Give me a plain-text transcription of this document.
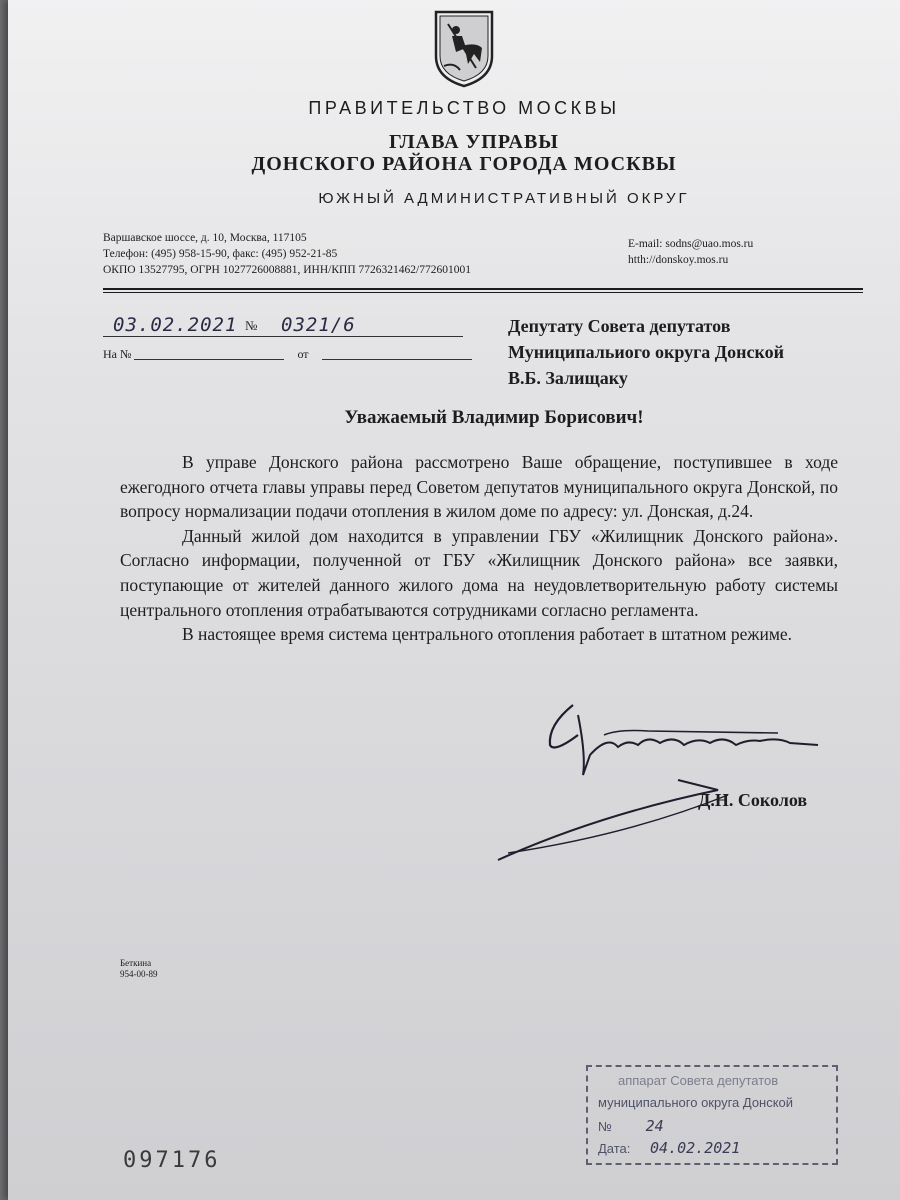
ПРАВИТЕЛЬСТВО МОСКВЫ
ГЛАВА УПРАВЫ
ДОНСКОГО РАЙОНА ГОРОДА МОСКВЫ
ЮЖНЫЙ АДМИНИСТРАТИВНЫЙ ОКРУГ
Варшавское шоссе, д. 10, Москва, 117105
Телефон: (495) 958-15-90, факс: (495) 952-21-85
ОКПО 13527795, ОГРН 1027726008881, ИНН/КПП 7726321462/772601001
E-mail: sodns@uao.mos.ru
htth://donskoy.mos.ru
03.02.2021 № 0321/6
На №	от
Депутату Совета депутатов
Муниципальиого округа Донской
В.Б. Залищаку
Уважаемый Владимир Борисович!

В управе Донского района рассмотрено Ваше обращение, поступившее в ходе ежегодного отчета главы управы перед Советом депутатов муниципального округа Донской, по вопросу нормализации подачи отопления в жилом доме по адресу: ул. Донская, д.24.

Данный жилой дом находится в управлении ГБУ «Жилищник Донского района». Согласно информации, полученной от ГБУ «Жилищник Донского района» все заявки, поступающие от жителей данного жилого дома на неудовлетворительную работу системы центрального отопления отрабатываются сотрудниками согласно регламента.

В настоящее время система центрального отопления работает в штатном режиме.

Д.Н. Соколов
Беткина
954-00-89
аппарат Совета депутатов
муниципального округа Донской
№ 24
Дата: 04.02.2021
097176
